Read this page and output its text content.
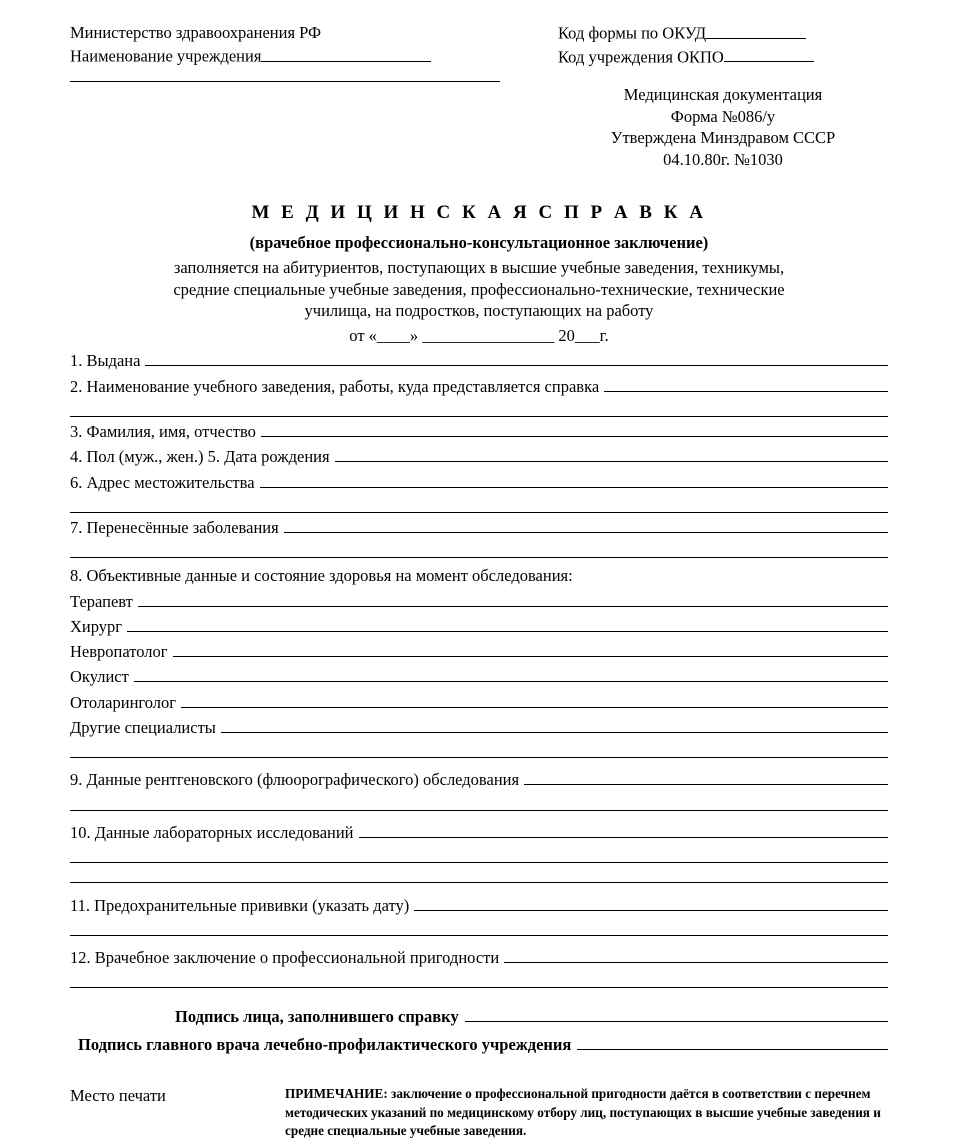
Министерство здравоохранения РФ
Наименование учреждения
Код формы по ОКУД
Код учреждения ОКПО
Медицинская документация
Форма №086/у
Утверждена Минздравом СССР
04.10.80г. №1030
М Е Д И Ц И Н С К А Я С П Р А В К А
(врачебное профессионально-консультационное заключение)
заполняется на абитуриентов, поступающих в высшие учебные заведения, техникумы,
средние специальные учебные заведения, профессионально-технические, технические
училища, на подростков, поступающих на работу
от «____» ________________ 20___г.
1. Выдана
2. Наименование учебного заведения, работы, куда представляется справка
3. Фамилия, имя, отчество
4. Пол (муж., жен.) 5. Дата рождения
6. Адрес местожительства
7. Перенесённые заболевания
8. Объективные данные и состояние здоровья на момент обследования:
Терапевт
Хирург
Невропатолог
Окулист
Отоларинголог
Другие специалисты
9. Данные рентгеновского (флюорографического) обследования
10. Данные лабораторных исследований
11. Предохранительные прививки (указать дату)
12. Врачебное заключение о профессиональной пригодности
Подпись лица, заполнившего справку
Подпись главного врача лечебно-профилактического учреждения
Место печати	ПРИМЕЧАНИЕ: заключение о профессиональной пригодности даётся в соответствии с перечнем методических указаний по медицинскому отбору лиц, поступающих в высшие учебные заведения и средне специальные учебные заведения.
